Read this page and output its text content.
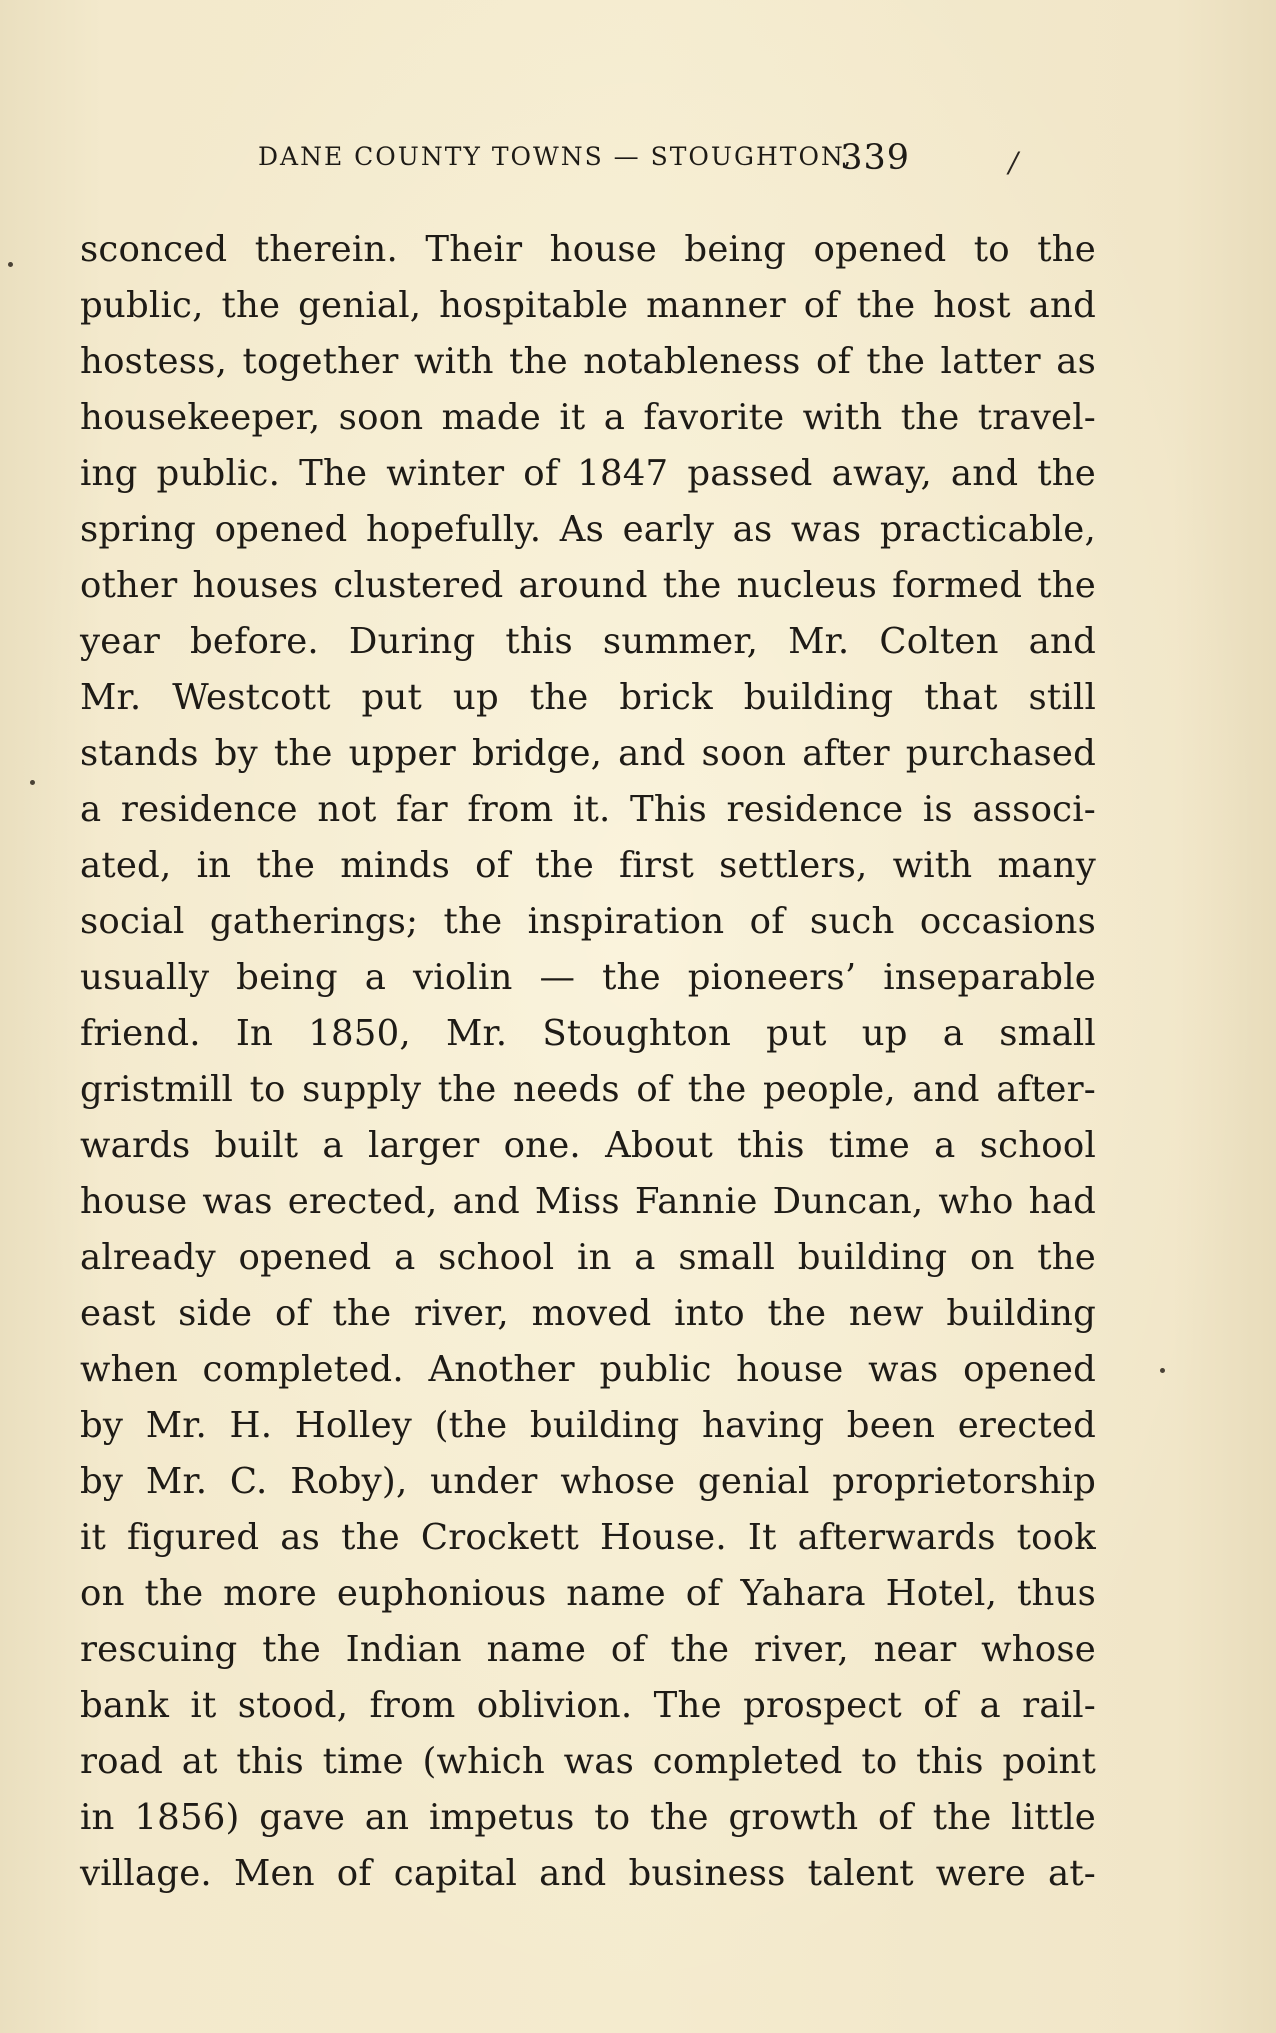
DANE COUNTY TOWNS — STOUGHTON,
339	/
sconced therein. Their house being opened to the
public, the genial, hospitable manner of the host and
hostess, together with the notableness of the latter as
housekeeper, soon made it a favorite with the travel-
ing public. The winter of 1847 passed away, and the
spring opened hopefully. As early as was practicable,
other houses clustered around the nucleus formed the
year before. During this summer, Mr. Colten and
Mr. Westcott put up the brick building that still
stands by the upper bridge, and soon after purchased
a residence not far from it. This residence is associ-
ated, in the minds of the first settlers, with many
social gatherings; the inspiration of such occasions
usually being a violin — the pioneers’ inseparable
friend. In 1850, Mr. Stoughton put up a small
gristmill to supply the needs of the people, and after-
wards built a larger one. About this time a school
house was erected, and Miss Fannie Duncan, who had
already opened a school in a small building on the
east side of the river, moved into the new building
when completed. Another public house was opened
by Mr. H. Holley (the building having been erected
by Mr. C. Roby), under whose genial proprietorship
it figured as the Crockett House. It afterwards took
on the more euphonious name of Yahara Hotel, thus
rescuing the Indian name of the river, near whose
bank it stood, from oblivion. The prospect of a rail-
road at this time (which was completed to this point
in 1856) gave an impetus to the growth of the little
village. Men of capital and business talent were at-
